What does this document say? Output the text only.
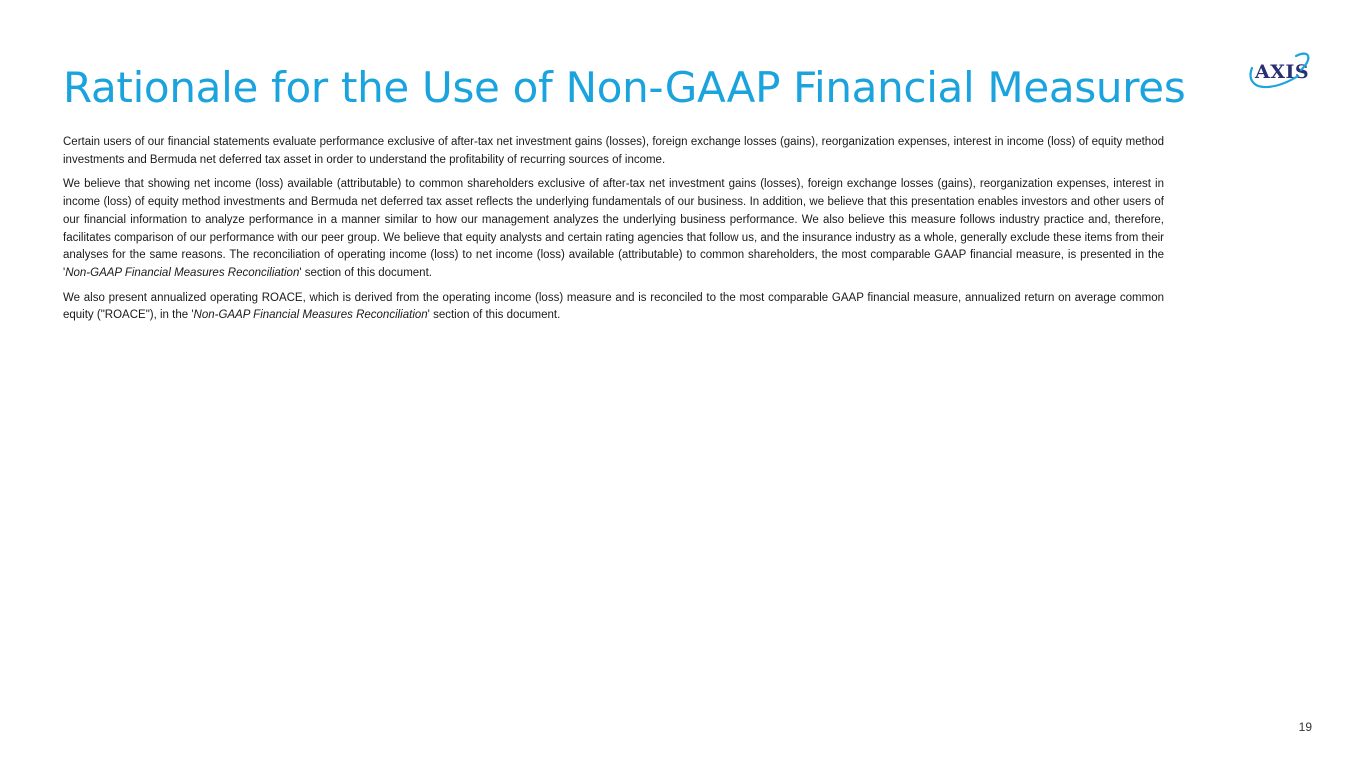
Rationale for the Use of Non-GAAP Financial Measures	AXIS

Certain users of our financial statements evaluate performance exclusive of after-tax net investment gains (losses), foreign exchange losses (gains), reorganization expenses, interest in income (loss) of equity method investments and Bermuda net deferred tax asset in order to understand the profitability of recurring sources of income.

We believe that showing net income (loss) available (attributable) to common shareholders exclusive of after-tax net investment gains (losses), foreign exchange losses (gains), reorganization expenses, interest in income (loss) of equity method investments and Bermuda net deferred tax asset reflects the underlying fundamentals of our business. In addition, we believe that this presentation enables investors and other users of our financial information to analyze performance in a manner similar to how our management analyzes the underlying business performance. We also believe this measure follows industry practice and, therefore, facilitates comparison of our performance with our peer group. We believe that equity analysts and certain rating agencies that follow us, and the insurance industry as a whole, generally exclude these items from their analyses for the same reasons. The reconciliation of operating income (loss) to net income (loss) available (attributable) to common shareholders, the most comparable GAAP financial measure, is presented in the 'Non-GAAP Financial Measures Reconciliation' section of this document.

We also present annualized operating ROACE, which is derived from the operating income (loss) measure and is reconciled to the most comparable GAAP financial measure, annualized return on average common equity ("ROACE"), in the 'Non-GAAP Financial Measures Reconciliation' section of this document.

19
